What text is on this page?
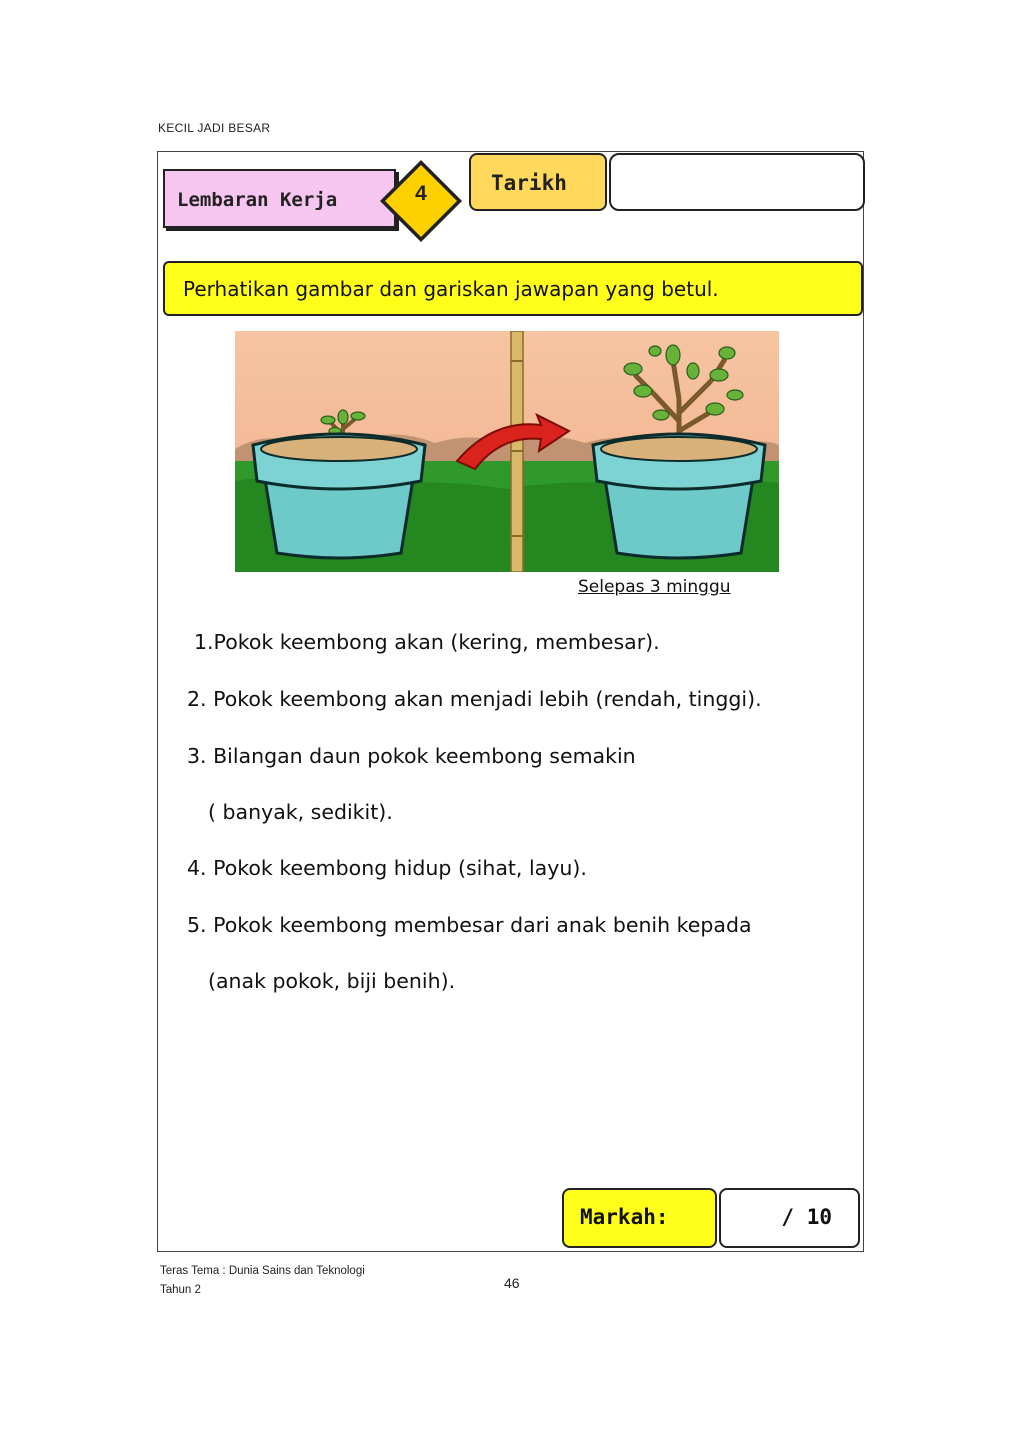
KECIL JADI BESAR
Lembaran Kerja	4	Tarikh
Perhatikan gambar dan gariskan jawapan yang betul.
Selepas 3 minggu
1.Pokok keembong akan (kering, membesar).
2. Pokok keembong akan menjadi lebih (rendah, tinggi).
3. Bilangan daun pokok keembong semakin
( banyak, sedikit).
4. Pokok keembong hidup (sihat, layu).
5. Pokok keembong membesar dari anak benih kepada
(anak pokok, biji benih).
Markah:	/ 10
Teras Tema : Dunia Sains dan Teknologi
Tahun 2	46
